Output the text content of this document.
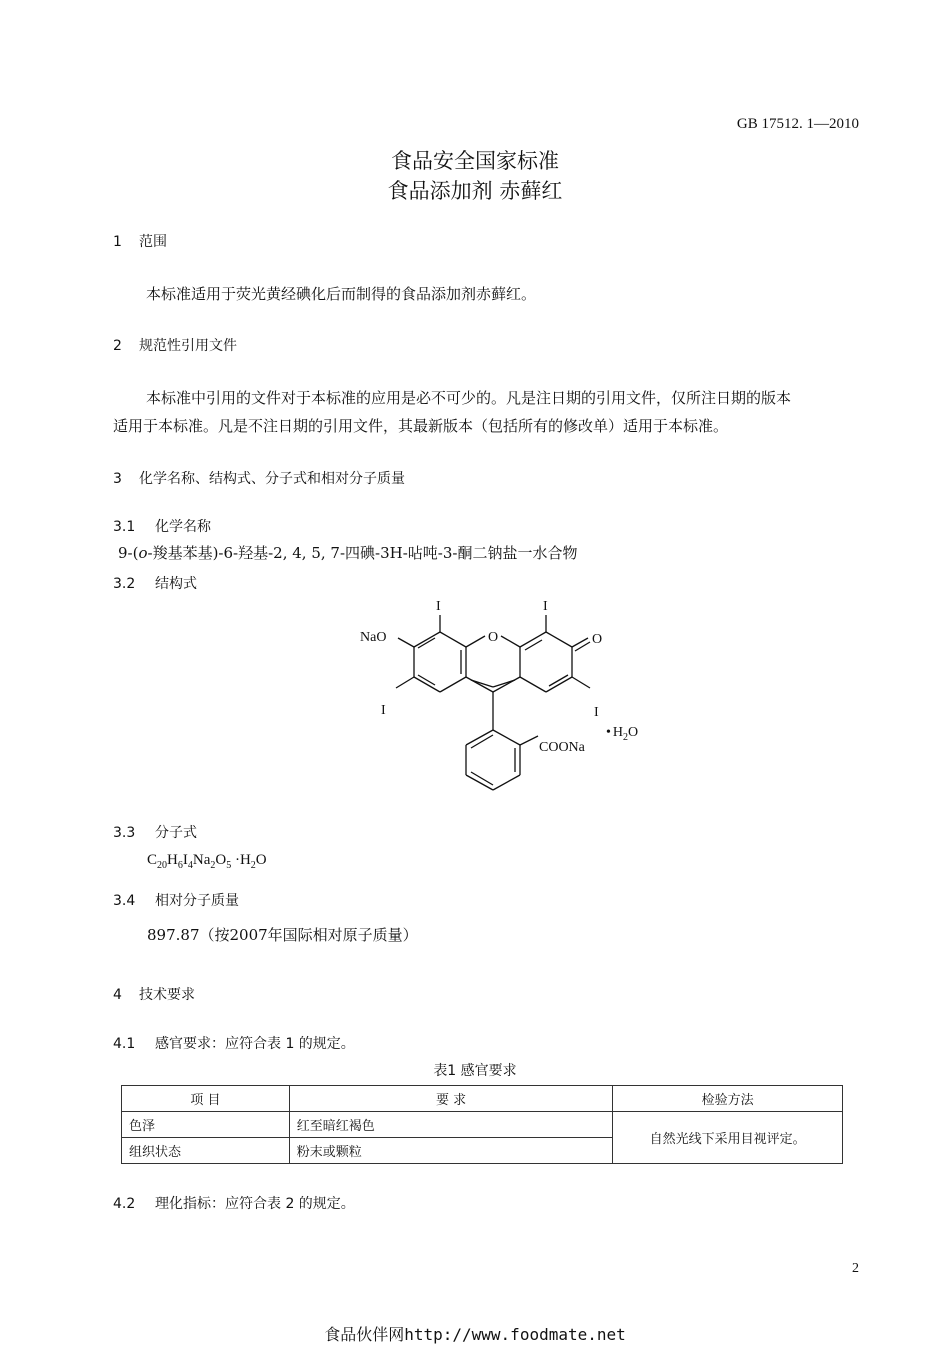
GB 17512. 1—2010
食品安全国家标准
食品添加剂 赤藓红
1 范围
本标准适用于荧光黄经碘化后而制得的食品添加剂赤藓红。
2 规范性引用文件
本标准中引用的文件对于本标准的应用是必不可少的。凡是注日期的引用文件，仅所注日期的版本
适用于本标准。凡是不注日期的引用文件，其最新版本（包括所有的修改单）适用于本标准。
3 化学名称、结构式、分子式和相对分子质量
3.1 化学名称
9-(o-羧基苯基)-6-羟基-2, 4, 5, 7-四碘-3H-呫吨-3-酮二钠盐一水合物
3.2 结构式
I	I
NaO	O	O
I	I
COONa
• $H_2O$
3.3 分子式
$C_{20}H_6I_4Na_2O_5 \cdot H_2O$
3.4 相对分子质量
897.87（按2007年国际相对原子质量）
4 技术要求
4.1 感官要求：应符合表 1 的规定。
表1 感官要求
项 目	要 求	检验方法
色泽	红至暗红褐色	自然光线下采用目视评定。
组织状态	粉末或颗粒	
4.2 理化指标：应符合表 2 的规定。
2
食品伙伴网http://www.foodmate.net
